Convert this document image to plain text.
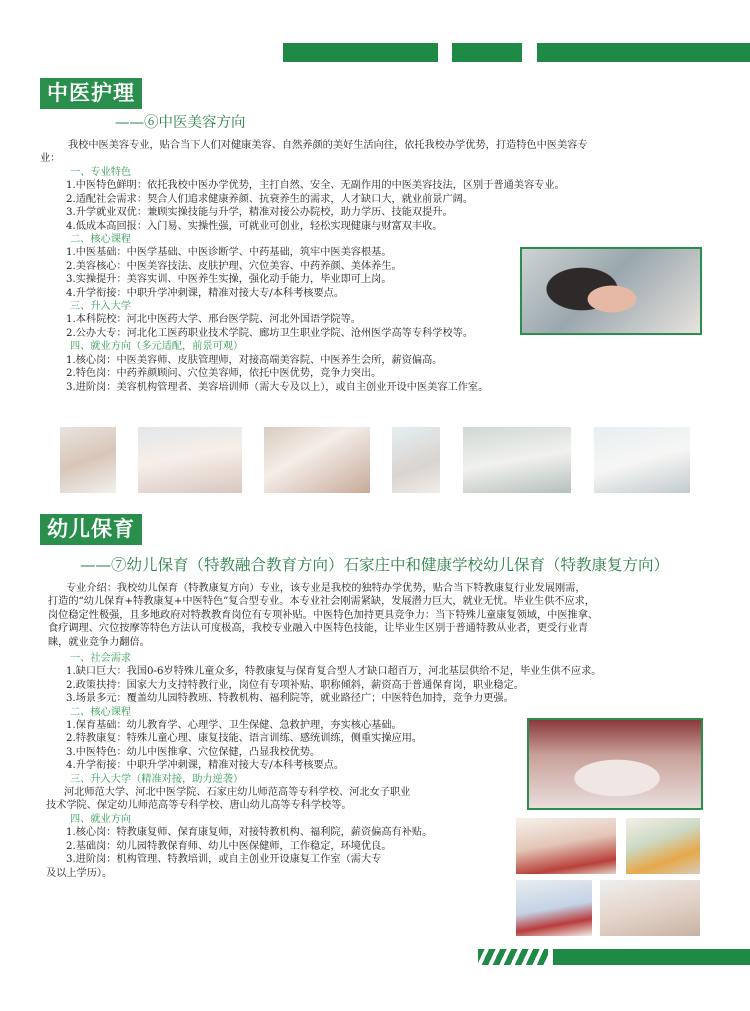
中医护理
——⑥中医美容方向
我校中医美容专业，贴合当下人们对健康美容、自然养颜的美好生活向往，依托我校办学优势，打造特色中医美容专
业：
一、专业特色
1.中医特色鲜明：依托我校中医办学优势，主打自然、安全、无副作用的中医美容技法，区别于普通美容专业。
2.适配社会需求：契合人们追求健康养颜、抗衰养生的需求，人才缺口大，就业前景广阔。
3.升学就业双优：兼顾实操技能与升学，精准对接公办院校，助力学历、技能双提升。
4.低成本高回报：入门易、实操性强，可就业可创业，轻松实现健康与财富双丰收。
二、核心课程
1.中医基础：中医学基础、中医诊断学、中药基础，筑牢中医美容根基。
2.美容核心：中医美容技法、皮肤护理、穴位美容、中药养颜、美体养生。
3.实操提升：美容实训、中医养生实操，强化动手能力，毕业即可上岗。
4.升学衔接：中职升学冲刺课，精准对接大专/本科考核要点。
三、升入大学
1.本科院校：河北中医药大学、邢台医学院、河北外国语学院等。
2.公办大专：河北化工医药职业技术学院、廊坊卫生职业学院、沧州医学高等专科学校等。
四、就业方向（多元适配，前景可观）
1.核心岗：中医美容师、皮肤管理师，对接高端美容院、中医养生会所，薪资偏高。
2.特色岗：中药养颜顾问、穴位美容师，依托中医优势，竞争力突出。
3.进阶岗：美容机构管理者、美容培训师（需大专及以上），或自主创业开设中医美容工作室。
幼儿保育
——⑦幼儿保育（特教融合教育方向）石家庄中和健康学校幼儿保育（特教康复方向）
专业介绍：我校幼儿保育（特教康复方向）专业，该专业是我校的独特办学优势，贴合当下特教康复行业发展刚需，
打造的“幼儿保育+特教康复+中医特色”复合型专业。本专业社会刚需紧缺，发展潜力巨大，就业无忧。毕业生供不应求，
岗位稳定性极强，且多地政府对特教教育岗位有专项补贴。中医特色加持更具竞争力：当下特殊儿童康复领域，中医推拿、
食疗调理、穴位按摩等特色方法认可度极高，我校专业融入中医特色技能，让毕业生区别于普通特教从业者，更受行业青
睐，就业竞争力翻倍。
一、社会需求
1.缺口巨大：我国0-6岁特殊儿童众多，特教康复与保育复合型人才缺口超百万，河北基层供给不足，毕业生供不应求。
2.政策扶持：国家大力支持特教行业，岗位有专项补贴、职称倾斜，薪资高于普通保育岗，职业稳定。
3.场景多元：覆盖幼儿园特教班、特教机构、福利院等，就业路径广；中医特色加持，竞争力更强。
二、核心课程
1.保育基础：幼儿教育学、心理学、卫生保健、急救护理，夯实核心基础。
2.特教康复：特殊儿童心理、康复技能、语言训练、感统训练，侧重实操应用。
3.中医特色：幼儿中医推拿、穴位保健，凸显我校优势。
4.升学衔接：中职升学冲刺课，精准对接大专/本科考核要点。
三、升入大学（精准对接，助力逆袭）
河北师范大学、河北中医学院、石家庄幼儿师范高等专科学校、河北女子职业
技术学院、保定幼儿师范高等专科学校、唐山幼儿高等专科学校等。
四、就业方向
1.核心岗：特教康复师、保育康复师，对接特教机构、福利院，薪资偏高有补贴。
2.基础岗：幼儿园特教保育师、幼儿中医保健师，工作稳定，环境优良。
3.进阶岗：机构管理、特教培训，或自主创业开设康复工作室（需大专
及以上学历）。
